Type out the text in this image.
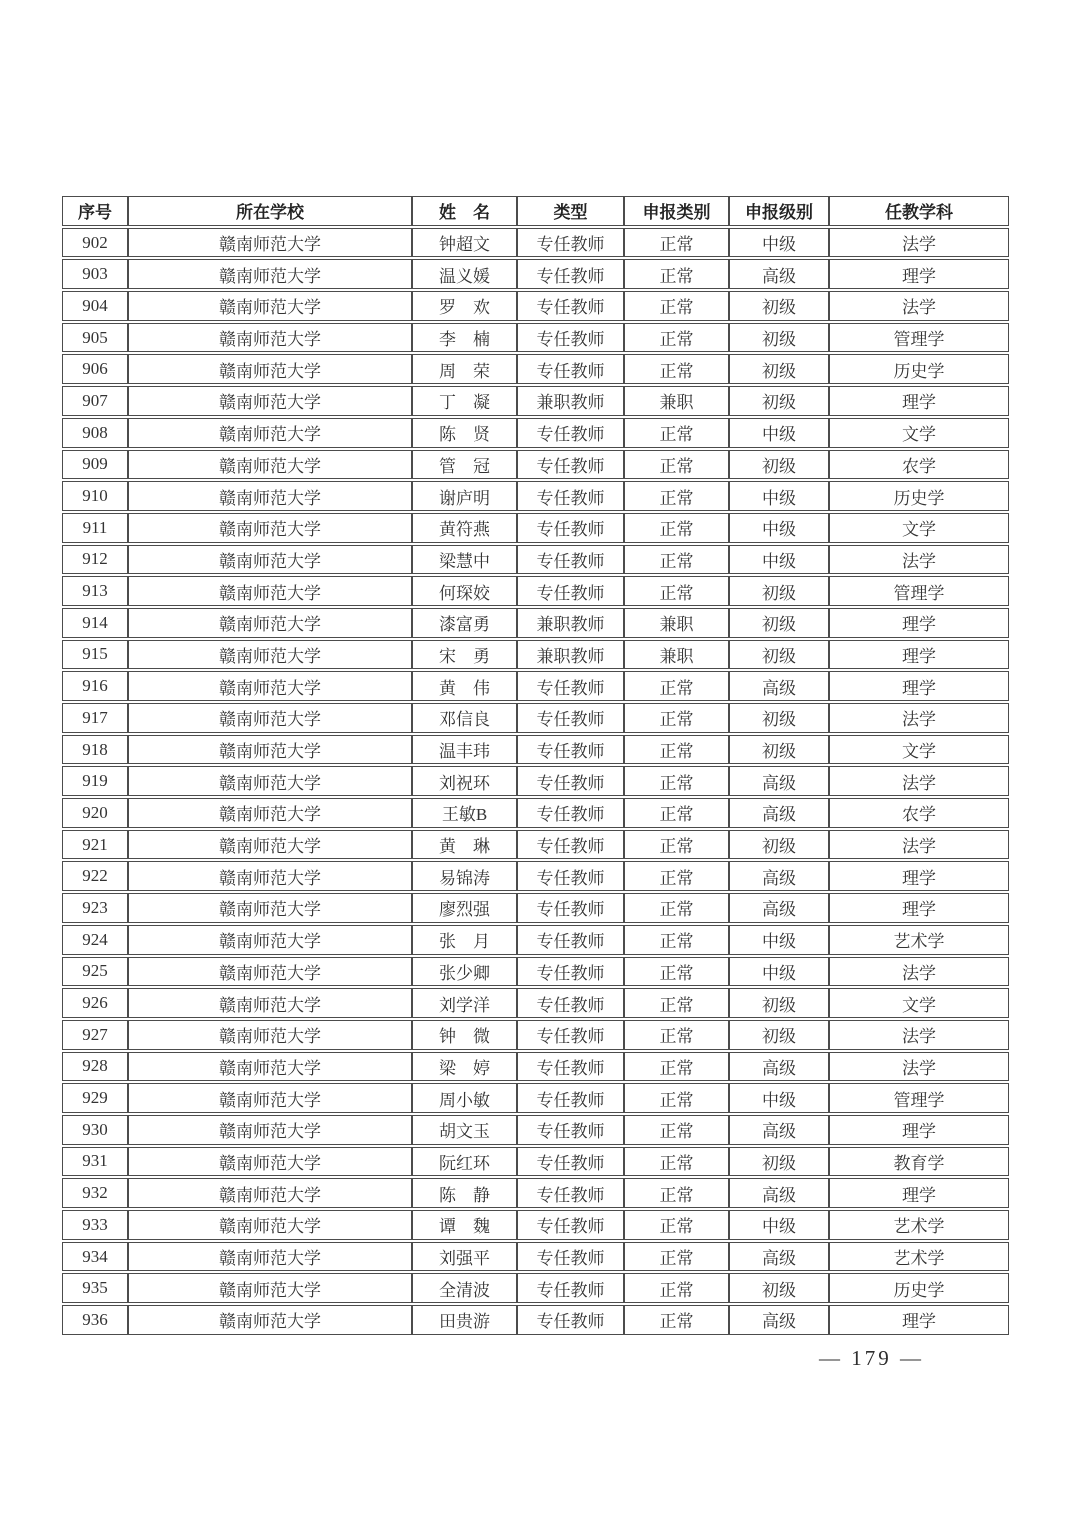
序号	所在学校	姓　名	类型	申报类别	申报级别	任教学科
902	赣南师范大学	钟超文	专任教师	正常	中级	法学
903	赣南师范大学	温义媛	专任教师	正常	高级	理学
904	赣南师范大学	罗　欢	专任教师	正常	初级	法学
905	赣南师范大学	李　楠	专任教师	正常	初级	管理学
906	赣南师范大学	周　荣	专任教师	正常	初级	历史学
907	赣南师范大学	丁　凝	兼职教师	兼职	初级	理学
908	赣南师范大学	陈　贤	专任教师	正常	中级	文学
909	赣南师范大学	管　冠	专任教师	正常	初级	农学
910	赣南师范大学	谢庐明	专任教师	正常	中级	历史学
911	赣南师范大学	黄符燕	专任教师	正常	中级	文学
912	赣南师范大学	梁慧中	专任教师	正常	中级	法学
913	赣南师范大学	何琛姣	专任教师	正常	初级	管理学
914	赣南师范大学	漆富勇	兼职教师	兼职	初级	理学
915	赣南师范大学	宋　勇	兼职教师	兼职	初级	理学
916	赣南师范大学	黄　伟	专任教师	正常	高级	理学
917	赣南师范大学	邓信良	专任教师	正常	初级	法学
918	赣南师范大学	温丰玮	专任教师	正常	初级	文学
919	赣南师范大学	刘祝环	专任教师	正常	高级	法学
920	赣南师范大学	王敏B	专任教师	正常	高级	农学
921	赣南师范大学	黄　琳	专任教师	正常	初级	法学
922	赣南师范大学	易锦涛	专任教师	正常	高级	理学
923	赣南师范大学	廖烈强	专任教师	正常	高级	理学
924	赣南师范大学	张　月	专任教师	正常	中级	艺术学
925	赣南师范大学	张少卿	专任教师	正常	中级	法学
926	赣南师范大学	刘学洋	专任教师	正常	初级	文学
927	赣南师范大学	钟　微	专任教师	正常	初级	法学
928	赣南师范大学	梁　婷	专任教师	正常	高级	法学
929	赣南师范大学	周小敏	专任教师	正常	中级	管理学
930	赣南师范大学	胡文玉	专任教师	正常	高级	理学
931	赣南师范大学	阮红环	专任教师	正常	初级	教育学
932	赣南师范大学	陈　静	专任教师	正常	高级	理学
933	赣南师范大学	谭　魏	专任教师	正常	中级	艺术学
934	赣南师范大学	刘强平	专任教师	正常	高级	艺术学
935	赣南师范大学	全清波	专任教师	正常	初级	历史学
936	赣南师范大学	田贵游	专任教师	正常	高级	理学
— 179 —
